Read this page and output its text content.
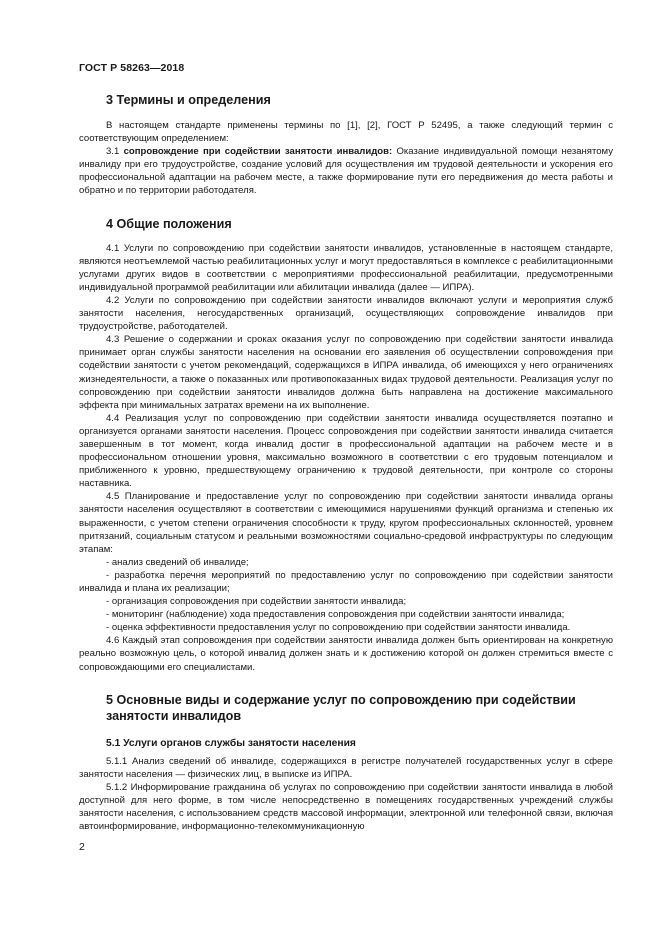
ГОСТ Р 58263—2018
3 Термины и определения

В настоящем стандарте применены термины по [1], [2], ГОСТ Р 52495, а также следующий термин с соответствующим определением:

3.1 сопровождение при содействии занятости инвалидов: Оказание индивидуальной помощи незанятому инвалиду при его трудоустройстве, создание условий для осуществления им трудовой деятельности и ускорения его профессиональной адаптации на рабочем месте, а также формирование пути его передвижения до места работы и обратно и по территории работодателя.

4 Общие положения

4.1 Услуги по сопровождению при содействии занятости инвалидов, установленные в настоящем стандарте, являются неотъемлемой частью реабилитационных услуг и могут предоставляться в комплексе с реабилитационными услугами других видов в соответствии с мероприятиями профессиональной реабилитации, предусмотренными индивидуальной программой реабилитации или абилитации инвалида (далее — ИПРА).

4.2 Услуги по сопровождению при содействии занятости инвалидов включают услуги и мероприятия служб занятости населения, негосударственных организаций, осуществляющих сопровождение инвалидов при трудоустройстве, работодателей.

4.3 Решение о содержании и сроках оказания услуг по сопровождению при содействии занятости инвалида принимает орган службы занятости населения на основании его заявления об осуществлении сопровождения при содействии занятости с учетом рекомендаций, содержащихся в ИПРА инвалида, об имеющихся у него ограничениях жизнедеятельности, а также о показанных или противопоказанных видах трудовой деятельности. Реализация услуг по сопровождению при содействии занятости инвалидов должна быть направлена на достижение максимального эффекта при минимальных затратах времени на их выполнение.

4.4 Реализация услуг по сопровождению при содействии занятости инвалида осуществляется поэтапно и организуется органами занятости населения. Процесс сопровождения при содействии занятости инвалида считается завершенным в тот момент, когда инвалид достиг в профессиональной адаптации на рабочем месте и в профессиональном отношении уровня, максимально возможного в соответствии с его трудовым потенциалом и приближенного к уровню, предшествующему ограничению к трудовой деятельности, при контроле со стороны наставника.

4.5 Планирование и предоставление услуг по сопровождению при содействии занятости инвалида органы занятости населения осуществляют в соответствии с имеющимися нарушениями функций организма и степенью их выраженности, с учетом степени ограничения способности к труду, кругом профессиональных склонностей, уровнем притязаний, социальным статусом и реальными возможностями социально-средовой инфраструктуры по следующим этапам:

- анализ сведений об инвалиде;

- разработка перечня мероприятий по предоставлению услуг по сопровождению при содействии занятости инвалида и плана их реализации;

- организация сопровождения при содействии занятости инвалида;

- мониторинг (наблюдение) хода предоставления сопровождения при содействии занятости инвалида;

- оценка эффективности предоставления услуг по сопровождению при содействии занятости инвалида.

4.6 Каждый этап сопровождения при содействии занятости инвалида должен быть ориентирован на конкретную реально возможную цель, о которой инвалид должен знать и к достижению которой он должен стремиться вместе с сопровождающими его специалистами.

5 Основные виды и содержание услуг по сопровождению при содействии занятости инвалидов
5.1 Услуги органов службы занятости населения

5.1.1 Анализ сведений об инвалиде, содержащихся в регистре получателей государственных услуг в сфере занятости населения — физических лиц, в выписке из ИПРА.

5.1.2 Информирование гражданина об услугах по сопровождению при содействии занятости инвалида в любой доступной для него форме, в том числе непосредственно в помещениях государственных учреждений службы занятости населения, с использованием средств массовой информации, электронной или телефонной связи, включая автоинформирование, информационно-телекоммуникационную

2
